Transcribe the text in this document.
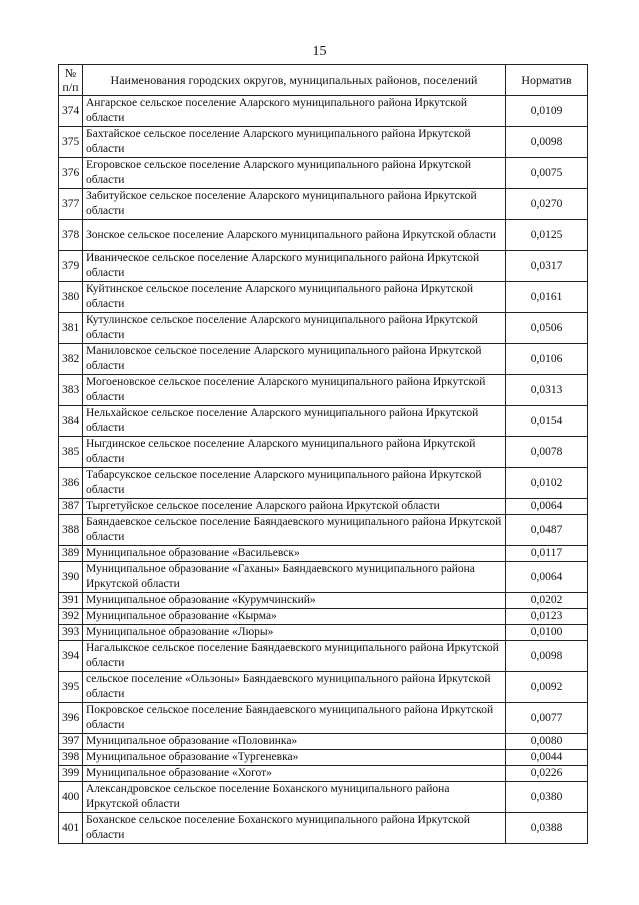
15
№
п/п	Наименования городских округов, муниципальных районов, поселений	Норматив
374	Ангарское сельское поселение Аларского муниципального района Иркутской области	0,0109
375	Бахтайское сельское поселение Аларского муниципального района Иркутской области	0,0098
376	Егоровское сельское поселение Аларского муниципального района Иркутской области	0,0075
377	Забитуйское сельское поселение Аларского муниципального района Иркутской области	0,0270
378	Зонское сельское поселение Аларского муниципального района Иркутской области	0,0125
379	Иваническое сельское поселение Аларского муниципального района Иркутской области	0,0317
380	Куйтинское сельское поселение Аларского муниципального района Иркутской области	0,0161
381	Кутулинское сельское поселение Аларского муниципального района Иркутской области	0,0506
382	Маниловское сельское поселение Аларского муниципального района Иркутской области	0,0106
383	Могоеновское сельское поселение Аларского муниципального района Иркутской области	0,0313
384	Нельхайское сельское поселение Аларского муниципального района Иркутской области	0,0154
385	Ныгдинское сельское поселение Аларского муниципального района Иркутской области	0,0078
386	Табарсукское сельское поселение Аларского муниципального района Иркутской области	0,0102
387	Тыргетуйское сельское поселение Аларского района Иркутской области	0,0064
388	Баяндаевское сельское поселение Баяндаевского муниципального района Иркутской области	0,0487
389	Муниципальное образование «Васильевск»	0,0117
390	Муниципальное образование «Гаханы» Баяндаевского муниципального района Иркутской области	0,0064
391	Муниципальное образование «Курумчинский»	0,0202
392	Муниципальное образование «Кырма»	0,0123
393	Муниципальное образование «Люры»	0,0100
394	Нагалыкское сельское поселение Баяндаевского муниципального района Иркутской области	0,0098
395	сельское поселение «Ользоны» Баяндаевского муниципального района Иркутской области	0,0092
396	Покровское сельское поселение Баяндаевского муниципального района Иркутской области	0,0077
397	Муниципальное образование «Половинка»	0,0080
398	Муниципальное образование «Тургеневка»	0,0044
399	Муниципальное образование «Хогот»	0,0226
400	Александровское сельское поселение Боханского муниципального района Иркутской области	0,0380
401	Боханское сельское поселение Боханского муниципального района Иркутской области	0,0388
